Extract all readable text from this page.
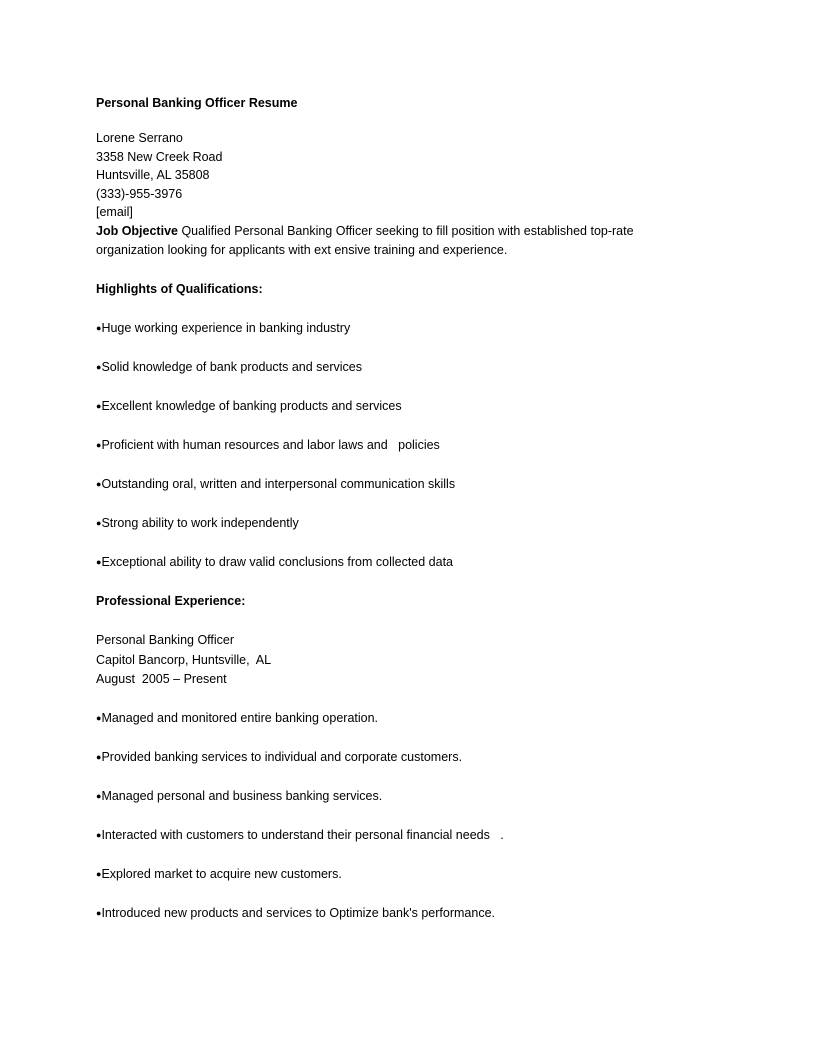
Personal Banking Officer Resume
Lorene Serrano
3358 New Creek Road
Huntsville, AL 35808
(333)-955-3976
[email]
Job Objective Qualified Personal Banking Officer seeking to fill position with established top-rate organization looking for applicants with ext ensive training and experience.
Highlights of Qualifications:
●Huge working experience in banking industry
●Solid knowledge of bank products and services
●Excellent knowledge of banking products and services
●Proficient with human resources and labor laws and   policies
●Outstanding oral, written and interpersonal communication skills
●Strong ability to work independently
●Exceptional ability to draw valid conclusions from collected data
Professional Experience:
Personal Banking Officer
Capitol Bancorp, Huntsville,  AL
August  2005 – Present
●Managed and monitored entire banking operation.
●Provided banking services to individual and corporate customers.
●Managed personal and business banking services.
●Interacted with customers to understand their personal financial needs   .
●Explored market to acquire new customers.
●Introduced new products and services to Optimize bank's performance.
